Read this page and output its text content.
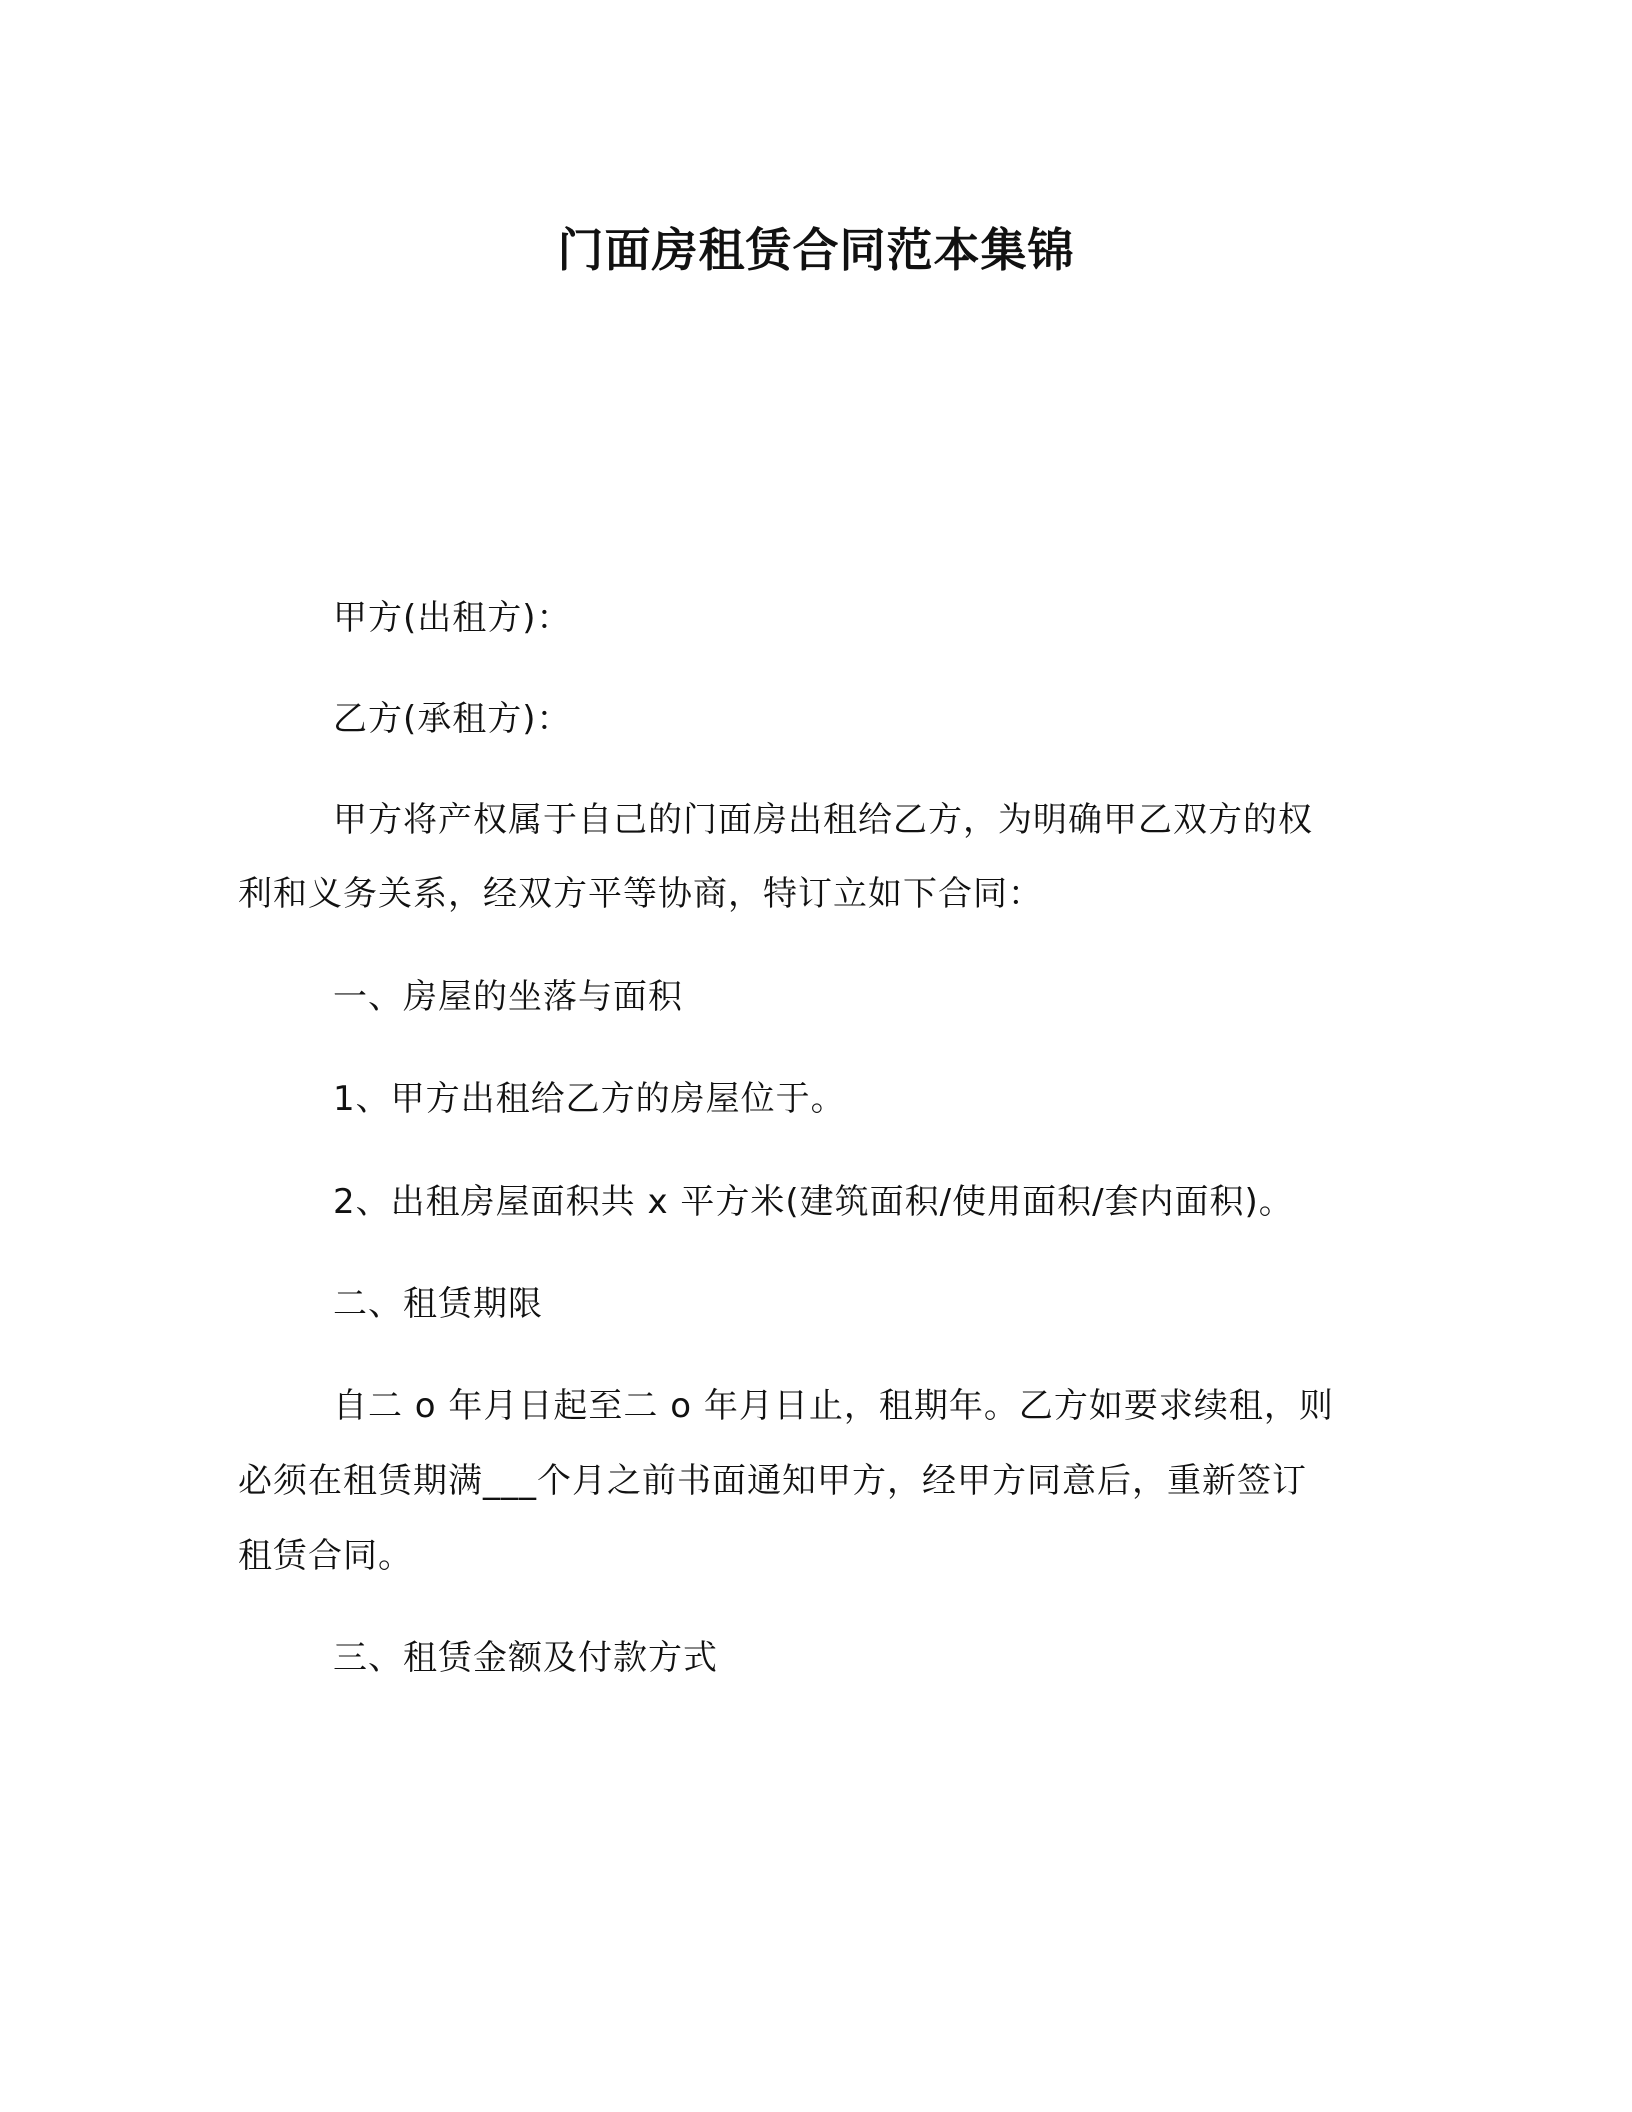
门面房租赁合同范本集锦
甲方(出租方)：
乙方(承租方)：
甲方将产权属于自己的门面房出租给乙方，为明确甲乙双方的权
利和义务关系，经双方平等协商，特订立如下合同：
一、房屋的坐落与面积
1、甲方出租给乙方的房屋位于。
2、出租房屋面积共 x 平方米(建筑面积/使用面积/套内面积)。
二、租赁期限
自二 o 年月日起至二 o 年月日止，租期年。乙方如要求续租，则
必须在租赁期满___个月之前书面通知甲方，经甲方同意后，重新签订
租赁合同。
三、租赁金额及付款方式
